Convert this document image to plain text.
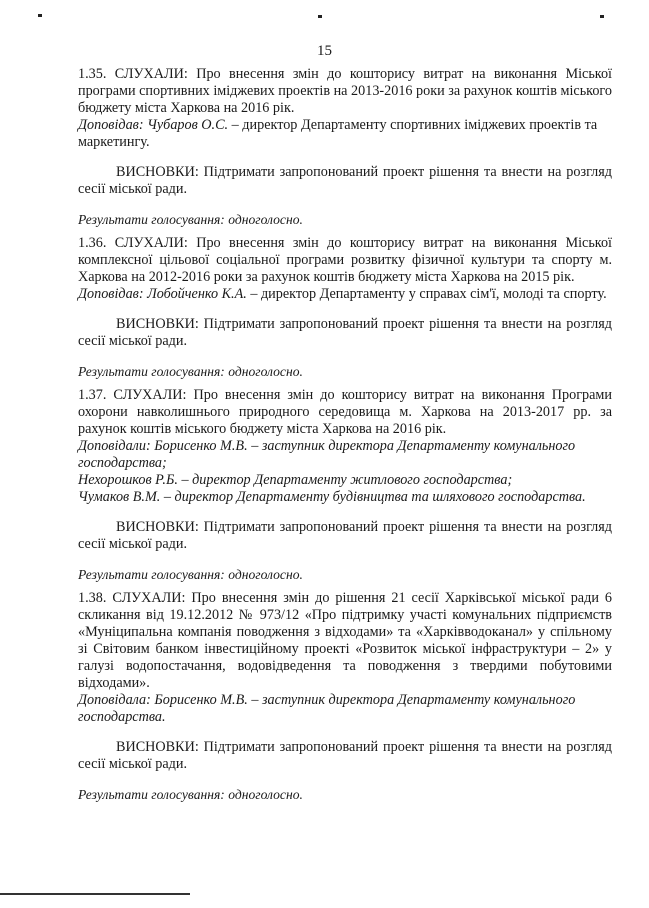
15

1.35. СЛУХАЛИ: Про внесення змін до кошторису витрат на виконання Міської програми спортивних іміджевих проектів на 2013-2016 роки за рахунок коштів міського бюджету міста Харкова на 2016 рік.

Доповідав: Чубаров О.С. – директор Департаменту спортивних іміджевих проектів та маркетингу.

ВИСНОВКИ: Підтримати запропонований проект рішення та внести на розгляд сесії міської ради.

Результати голосування: одноголосно.

1.36. СЛУХАЛИ: Про внесення змін до кошторису витрат на виконання Міської комплексної цільової соціальної програми розвитку фізичної культури та спорту м. Харкова на 2012-2016 роки за рахунок коштів бюджету міста Харкова на 2015 рік.

Доповідав: Лобойченко К.А. – директор Департаменту у справах сім'ї, молоді та спорту.

ВИСНОВКИ: Підтримати запропонований проект рішення та внести на розгляд сесії міської ради.

Результати голосування: одноголосно.

1.37. СЛУХАЛИ: Про внесення змін до кошторису витрат на виконання Програми охорони навколишнього природного середовища м. Харкова на 2013-2017 рр. за рахунок коштів міського бюджету міста Харкова на 2016 рік.

Доповідали: Борисенко М.В. – заступник директора Департаменту комунального господарства;

Нехорошков Р.Б. – директор Департаменту житлового господарства;

Чумаков В.М. – директор Департаменту будівництва та шляхового господарства.

ВИСНОВКИ: Підтримати запропонований проект рішення та внести на розгляд сесії міської ради.

Результати голосування: одноголосно.

1.38. СЛУХАЛИ: Про внесення змін до рішення 21 сесії Харківської міської ради 6 скликання від 19.12.2012 № 973/12 «Про підтримку участі комунальних підприємств «Муніципальна компанія поводження з відходами» та «Харківводоканал» у спільному зі Світовим банком інвестиційному проекті «Розвиток міської інфраструктури – 2» у галузі водопостачання, водовідведення та поводження з твердими побутовими відходами».

Доповідала: Борисенко М.В. – заступник директора Департаменту комунального господарства.

ВИСНОВКИ: Підтримати запропонований проект рішення та внести на розгляд сесії міської ради.

Результати голосування: одноголосно.
